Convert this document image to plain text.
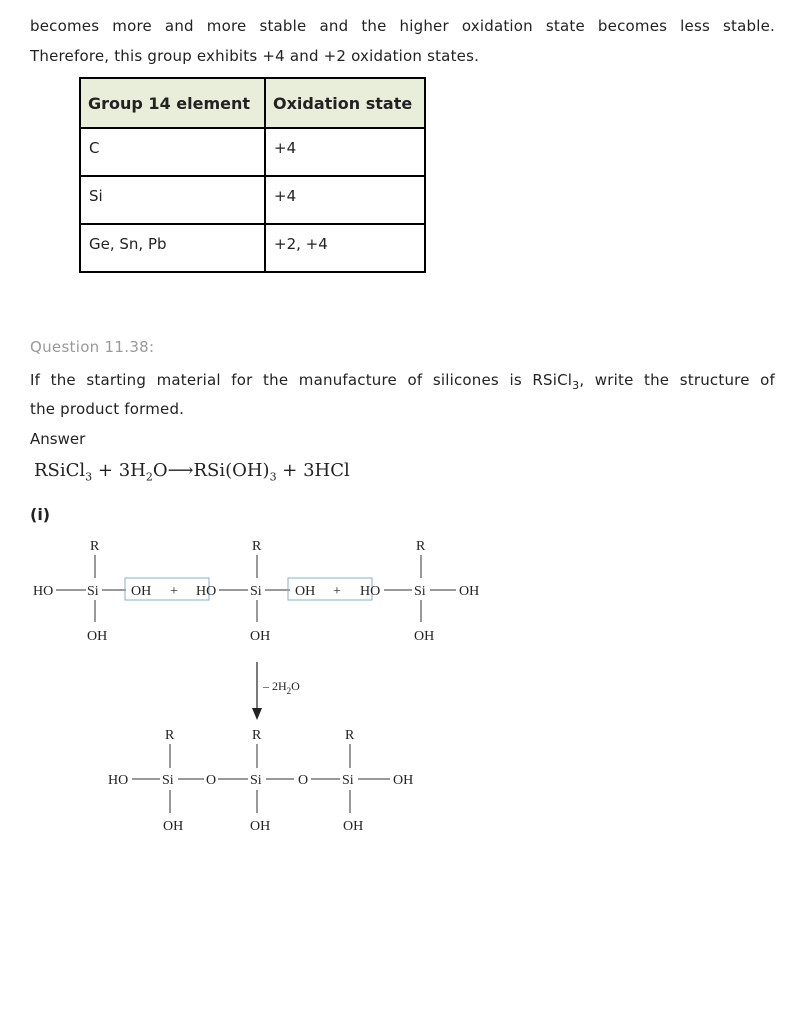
becomes more and more stable and the higher oxidation state becomes less stable.
Therefore, this group exhibits +4 and +2 oxidation states.
Group 14 element	Oxidation state
C	+4
Si	+4
Ge, Sn, Pb	+2, +4
Question 11.38:
If the starting material for the manufacture of silicones is RSiCl$_3$, write the structure of
the product formed.
Answer
RSiCl$_3$ + $3H_2O⟶RSi(OH)_3 + 3HCl$
(i)
R
HO Si
OH
OH + HO
R
Si
OH
OH + HO
R
Si OH
OH
– $2H_2O$
R
HO Si O
OH
R
Si	O
OH
R
Si	OH
OH
